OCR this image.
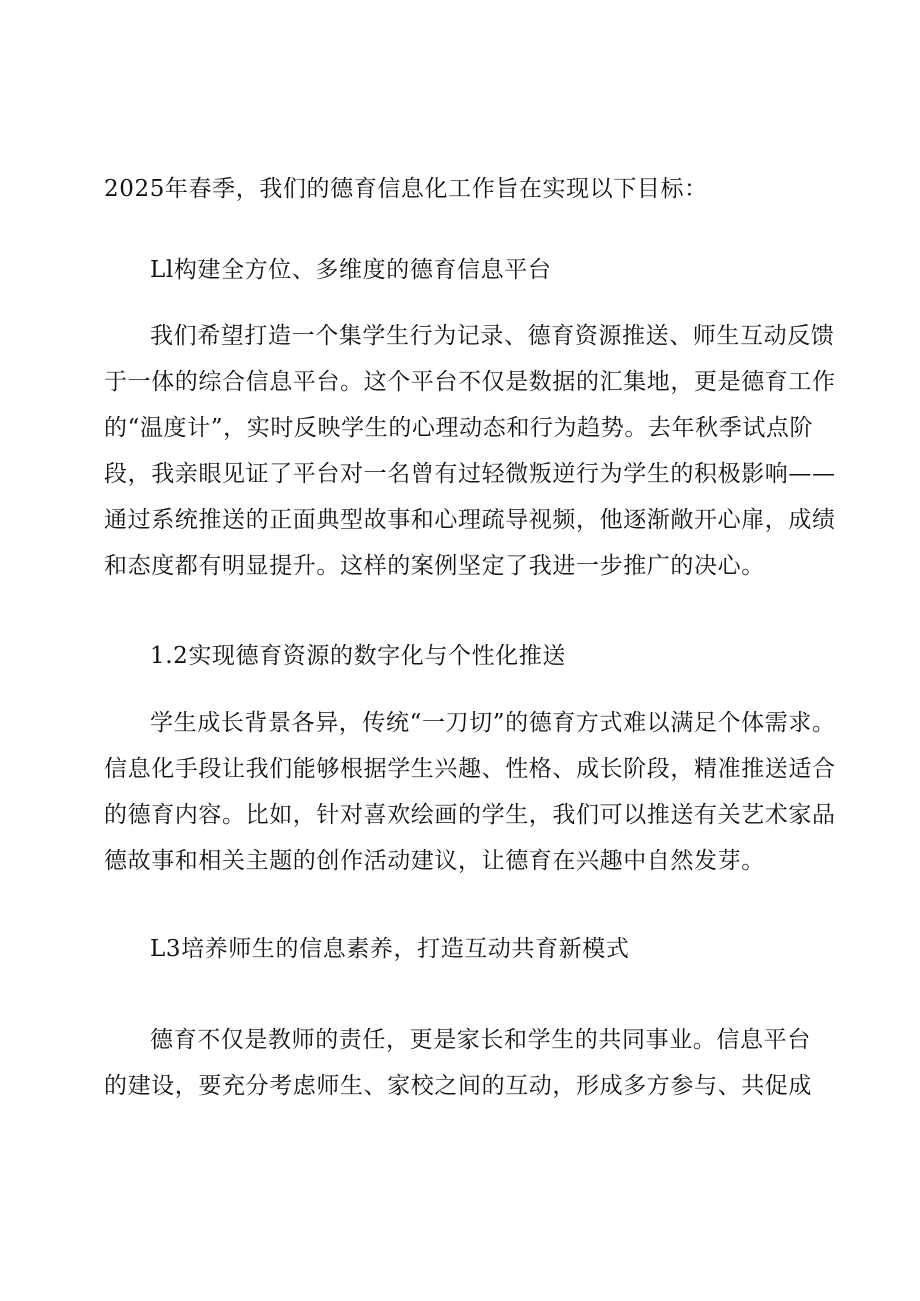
2025年春季，我们的德育信息化工作旨在实现以下目标：
Ll构建全方位、多维度的德育信息平台
我们希望打造一个集学生行为记录、德育资源推送、师生互动反馈
于一体的综合信息平台。这个平台不仅是数据的汇集地，更是德育工作
的“温度计”，实时反映学生的心理动态和行为趋势。去年秋季试点阶
段，我亲眼见证了平台对一名曾有过轻微叛逆行为学生的积极影响——
通过系统推送的正面典型故事和心理疏导视频，他逐渐敞开心扉，成绩
和态度都有明显提升。这样的案例坚定了我进一步推广的决心。
1.2实现德育资源的数字化与个性化推送
学生成长背景各异，传统“一刀切”的德育方式难以满足个体需求。
信息化手段让我们能够根据学生兴趣、性格、成长阶段，精准推送适合
的德育内容。比如，针对喜欢绘画的学生，我们可以推送有关艺术家品
德故事和相关主题的创作活动建议，让德育在兴趣中自然发芽。
L3培养师生的信息素养，打造互动共育新模式
德育不仅是教师的责任，更是家长和学生的共同事业。信息平台
的建设，要充分考虑师生、家校之间的互动，形成多方参与、共促成
